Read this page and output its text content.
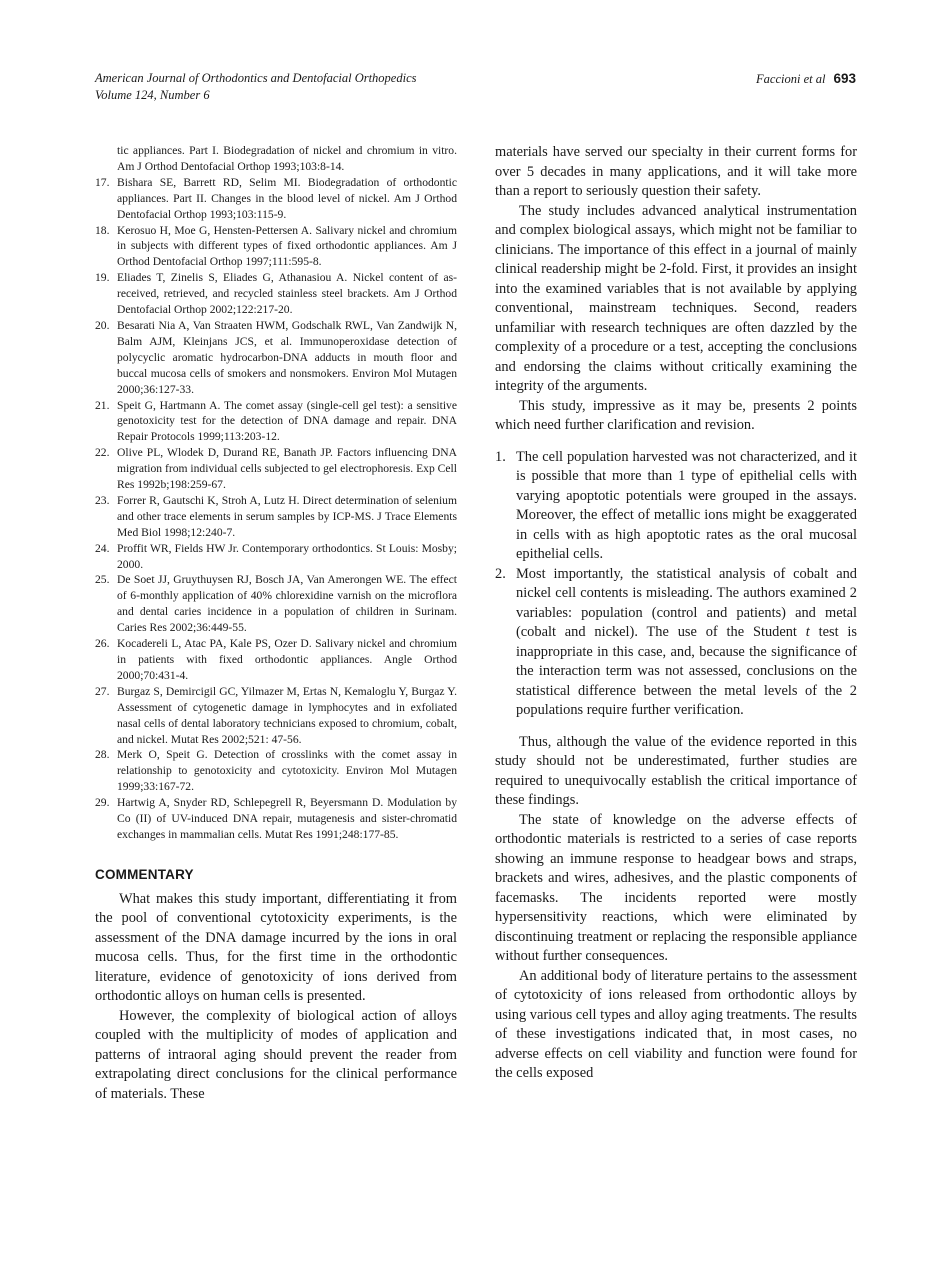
American Journal of Orthodontics and Dentofacial Orthopedics
Volume 124, Number 6
Faccioni et al 693
tic appliances. Part I. Biodegradation of nickel and chromium in vitro. Am J Orthod Dentofacial Orthop 1993;103:8-14.
17. Bishara SE, Barrett RD, Selim MI. Biodegradation of orthodontic appliances. Part II. Changes in the blood level of nickel. Am J Orthod Dentofacial Orthop 1993;103:115-9.
18. Kerosuo H, Moe G, Hensten-Pettersen A. Salivary nickel and chromium in subjects with different types of fixed orthodontic appliances. Am J Orthod Dentofacial Orthop 1997;111:595-8.
19. Eliades T, Zinelis S, Eliades G, Athanasiou A. Nickel content of as-received, retrieved, and recycled stainless steel brackets. Am J Orthod Dentofacial Orthop 2002;122:217-20.
20. Besarati Nia A, Van Straaten HWM, Godschalk RWL, Van Zandwijk N, Balm AJM, Kleinjans JCS, et al. Immunoperoxidase detection of polycyclic aromatic hydrocarbon-DNA adducts in mouth floor and buccal mucosa cells of smokers and nonsmokers. Environ Mol Mutagen 2000;36:127-33.
21. Speit G, Hartmann A. The comet assay (single-cell gel test): a sensitive genotoxicity test for the detection of DNA damage and repair. DNA Repair Protocols 1999;113:203-12.
22. Olive PL, Wlodek D, Durand RE, Banath JP. Factors influencing DNA migration from individual cells subjected to gel electrophoresis. Exp Cell Res 1992b;198:259-67.
23. Forrer R, Gautschi K, Stroh A, Lutz H. Direct determination of selenium and other trace elements in serum samples by ICP-MS. J Trace Elements Med Biol 1998;12:240-7.
24. Proffit WR, Fields HW Jr. Contemporary orthodontics. St Louis: Mosby; 2000.
25. De Soet JJ, Gruythuysen RJ, Bosch JA, Van Amerongen WE. The effect of 6-monthly application of 40% chlorexidine varnish on the microflora and dental caries incidence in a population of children in Surinam. Caries Res 2002;36:449-55.
26. Kocadereli L, Atac PA, Kale PS, Ozer D. Salivary nickel and chromium in patients with fixed orthodontic appliances. Angle Orthod 2000;70:431-4.
27. Burgaz S, Demircigil GC, Yilmazer M, Ertas N, Kemaloglu Y, Burgaz Y. Assessment of cytogenetic damage in lymphocytes and in exfoliated nasal cells of dental laboratory technicians exposed to chromium, cobalt, and nickel. Mutat Res 2002;521: 47-56.
28. Merk O, Speit G. Detection of crosslinks with the comet assay in relationship to genotoxicity and cytotoxicity. Environ Mol Mutagen 1999;33:167-72.
29. Hartwig A, Snyder RD, Schlepegrell R, Beyersmann D. Modulation by Co (II) of UV-induced DNA repair, mutagenesis and sister-chromatid exchanges in mammalian cells. Mutat Res 1991;248:177-85.
COMMENTARY

What makes this study important, differentiating it from the pool of conventional cytotoxicity experiments, is the assessment of the DNA damage incurred by the ions in oral mucosa cells. Thus, for the first time in the orthodontic literature, evidence of genotoxicity of ions derived from orthodontic alloys on human cells is presented.

However, the complexity of biological action of alloys coupled with the multiplicity of modes of application and patterns of intraoral aging should prevent the reader from extrapolating direct conclusions for the clinical performance of materials. These

materials have served our specialty in their current forms for over 5 decades in many applications, and it will take more than a report to seriously question their safety.

The study includes advanced analytical instrumentation and complex biological assays, which might not be familiar to clinicians. The importance of this effect in a journal of mainly clinical readership might be 2-fold. First, it provides an insight into the examined variables that is not available by applying conventional, mainstream techniques. Second, readers unfamiliar with research techniques are often dazzled by the complexity of a procedure or a test, accepting the conclusions and endorsing the claims without critically examining the integrity of the arguments.

This study, impressive as it may be, presents 2 points which need further clarification and revision.

1. The cell population harvested was not characterized, and it is possible that more than 1 type of epithelial cells with varying apoptotic potentials were grouped in the assays. Moreover, the effect of metallic ions might be exaggerated in cells with as high apoptotic rates as the oral mucosal epithelial cells.
2. Most importantly, the statistical analysis of cobalt and nickel cell contents is misleading. The authors examined 2 variables: population (control and patients) and metal (cobalt and nickel). The use of the Student t test is inappropriate in this case, and, because the significance of the interaction term was not assessed, conclusions on the statistical difference between the metal levels of the 2 populations require further verification.

Thus, although the value of the evidence reported in this study should not be underestimated, further studies are required to unequivocally establish the critical importance of these findings.

The state of knowledge on the adverse effects of orthodontic materials is restricted to a series of case reports showing an immune response to headgear bows and straps, brackets and wires, adhesives, and the plastic components of facemasks. The incidents reported were mostly hypersensitivity reactions, which were eliminated by discontinuing treatment or replacing the responsible appliance without further consequences.

An additional body of literature pertains to the assessment of cytotoxicity of ions released from orthodontic alloys by using various cell types and alloy aging treatments. The results of these investigations indicated that, in most cases, no adverse effects on cell viability and function were found for the cells exposed
